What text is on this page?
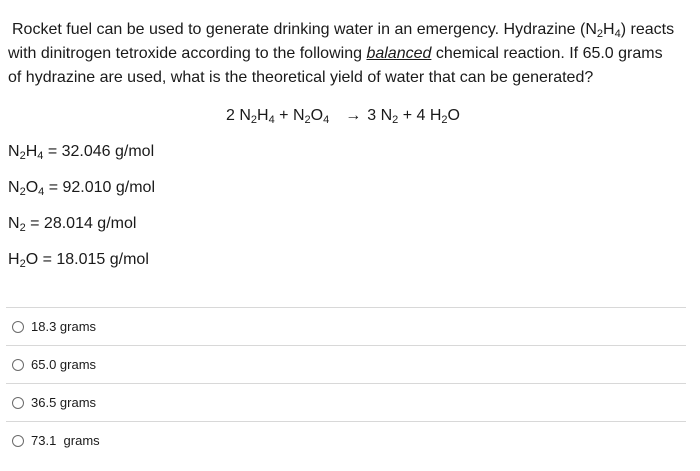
Rocket fuel can be used to generate drinking water in an emergency. Hydrazine $(N_2H_4)$ reacts
with dinitrogen tetroxide according to the following balanced chemical reaction. If 65.0 grams
of hydrazine are used, what is the theoretical yield of water that can be generated?
2 $N_2H_4 + N_2O_4 \to 3$ $N_2 + 4$ $H_2O$
$N_2H_4 = 32.046$ g/mol
$N_2O_4 = 92.010$ g/mol
$N_2 = 28.014$ g/mol
$H_2O = 18.015$ g/mol
18.3 grams
65.0 grams
36.5 grams
73.1  grams
